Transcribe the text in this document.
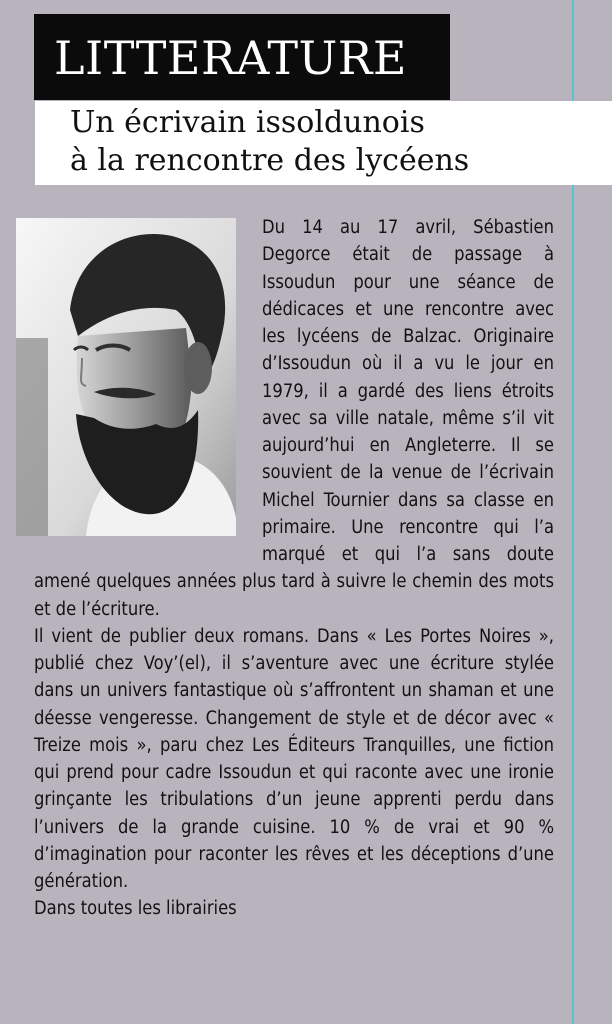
LITTERATURE
Un écrivain issoldunois
à la rencontre des lycéens

Du 14 au 17 avril, Sébastien Degorce était de passage à Issoudun pour une séance de dédicaces et une rencontre avec les lycéens de Balzac. Originaire d’Issoudun où il a vu le jour en 1979, il a gardé des liens étroits avec sa ville natale, même s’il vit aujourd’hui en Angleterre. Il se souvient de la venue de l’écrivain Michel Tournier dans sa classe en primaire. Une rencontre qui l’a marqué et qui l’a sans doute amené quelques années plus tard à suivre le chemin des mots et de l’écriture.

Il vient de publier deux romans. Dans « Les Portes Noires », publié chez Voy’(el), il s’aventure avec une écriture stylée dans un univers fantastique où s’affrontent un shaman et une déesse vengeresse. Changement de style et de décor avec « Treize mois », paru chez Les Éditeurs Tranquilles, une fiction qui prend pour cadre Issoudun et qui raconte avec une ironie grinçante les tribulations d’un jeune apprenti perdu dans l’univers de la grande cuisine. 10 % de vrai et 90 % d’imagination pour raconter les rêves et les déceptions d’une génération.

Dans toutes les librairies
